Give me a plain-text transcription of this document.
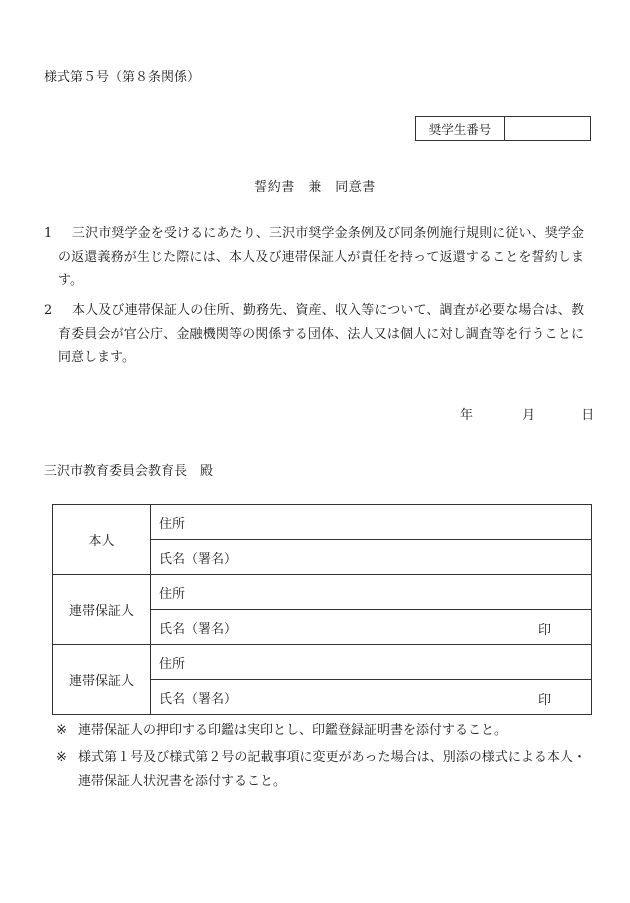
様式第５号（第８条関係）
奨学生番号
誓約書　兼　同意書
1	三沢市奨学金を受けるにあたり、三沢市奨学金条例及び同条例施行規則に従い、奨学金の返還義務が生じた際には、本人及び連帯保証人が責任を持って返還することを誓約します。
2	本人及び連帯保証人の住所、勤務先、資産、収入等について、調査が必要な場合は、教育委員会が官公庁、金融機関等の関係する団体、法人又は個人に対し調査等を行うことに同意します。
年	月	日
三沢市教育委員会教育長　殿
本人	住所
	氏名（署名）

連帯保証人	住所
	氏名（署名） 印

連帯保証人	住所
	氏名（署名） 印
※ 連帯保証人の押印する印鑑は実印とし、印鑑登録証明書を添付すること。
※ 様式第１号及び様式第２号の記載事項に変更があった場合は、別添の様式による本人・連帯保証人状況書を添付すること。
